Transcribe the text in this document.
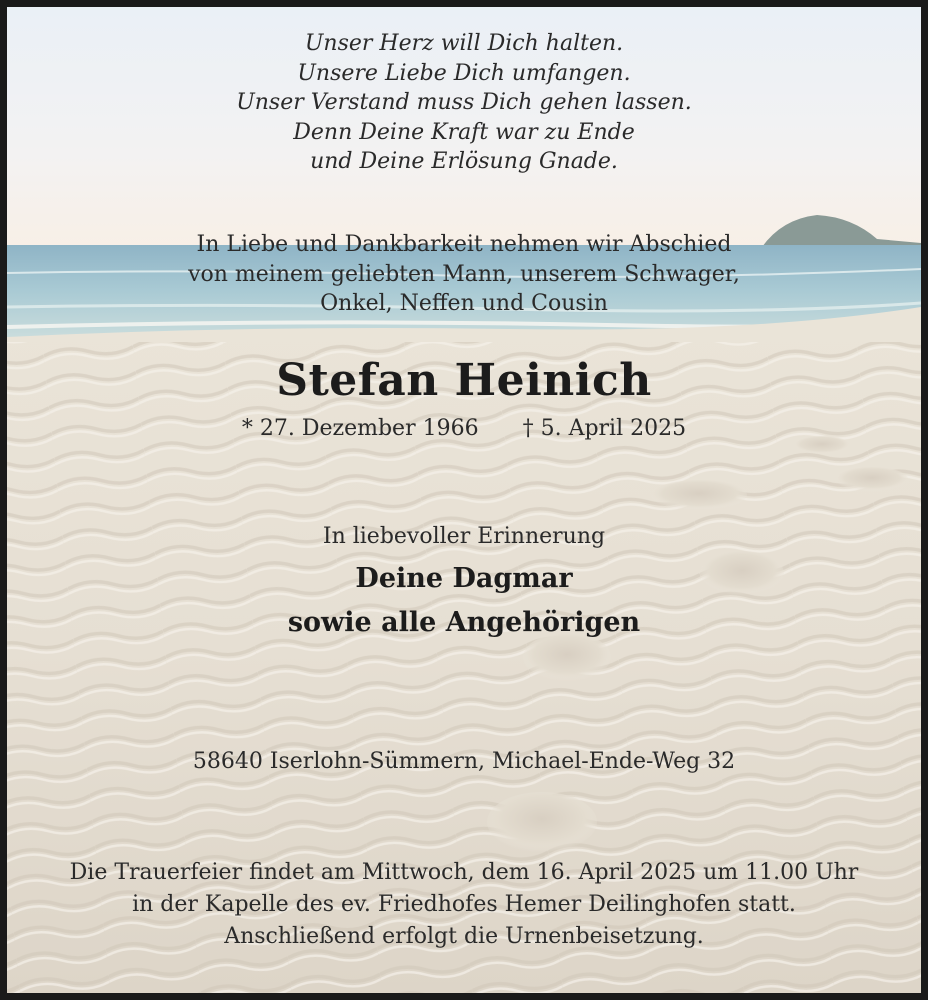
Unser Herz will Dich halten.
Unsere Liebe Dich umfangen.
Unser Verstand muss Dich gehen lassen.
Denn Deine Kraft war zu Ende
und Deine Erlösung Gnade.
In Liebe und Dankbarkeit nehmen wir Abschied
von meinem geliebten Mann, unserem Schwager,
Onkel, Neffen und Cousin
Stefan Heinich
* 27. Dezember 1966 † 5. April 2025
In liebevoller Erinnerung
Deine Dagmar
sowie alle Angehörigen
58640 Iserlohn-Sümmern, Michael-Ende-Weg 32
Die Trauerfeier findet am Mittwoch, dem 16. April 2025 um 11.00 Uhr
in der Kapelle des ev. Friedhofes Hemer Deilinghofen statt.
Anschließend erfolgt die Urnenbeisetzung.
